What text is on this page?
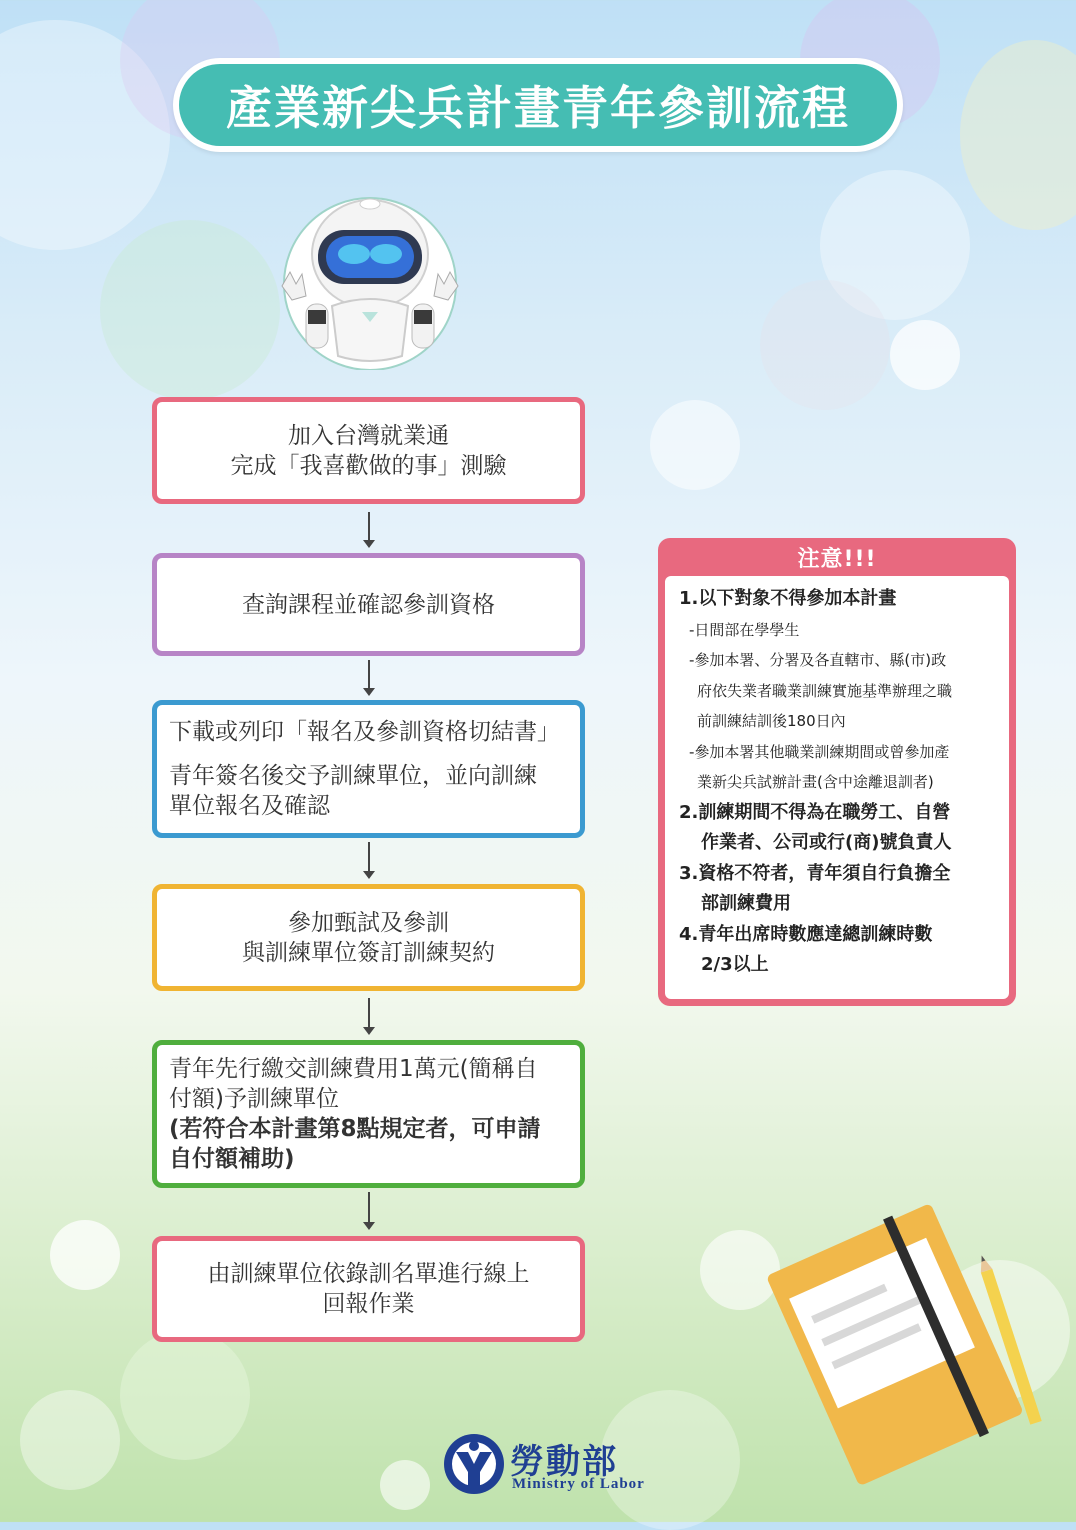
產業新尖兵計畫青年參訓流程
加入台灣就業通
完成「我喜歡做的事」測驗
查詢課程並確認參訓資格
下載或列印「報名及參訓資格切結書」
青年簽名後交予訓練單位，並向訓練
單位報名及確認
參加甄試及參訓
與訓練單位簽訂訓練契約
青年先行繳交訓練費用1萬元(簡稱自
付額)予訓練單位
(若符合本計畫第8點規定者，可申請
自付額補助)
由訓練單位依錄訓名單進行線上
回報作業
注意!!!
1.以下對象不得參加本計畫
-日間部在學學生
-參加本署、分署及各直轄市、縣(市)政
府依失業者職業訓練實施基準辦理之職
前訓練結訓後180日內
-參加本署其他職業訓練期間或曾參加產
業新尖兵試辦計畫(含中途離退訓者)
2.訓練期間不得為在職勞工、自營
作業者、公司或行(商)號負責人
3.資格不符者，青年須自行負擔全
部訓練費用
4.青年出席時數應達總訓練時數
2/3以上
勞動部
Ministry of Labor
